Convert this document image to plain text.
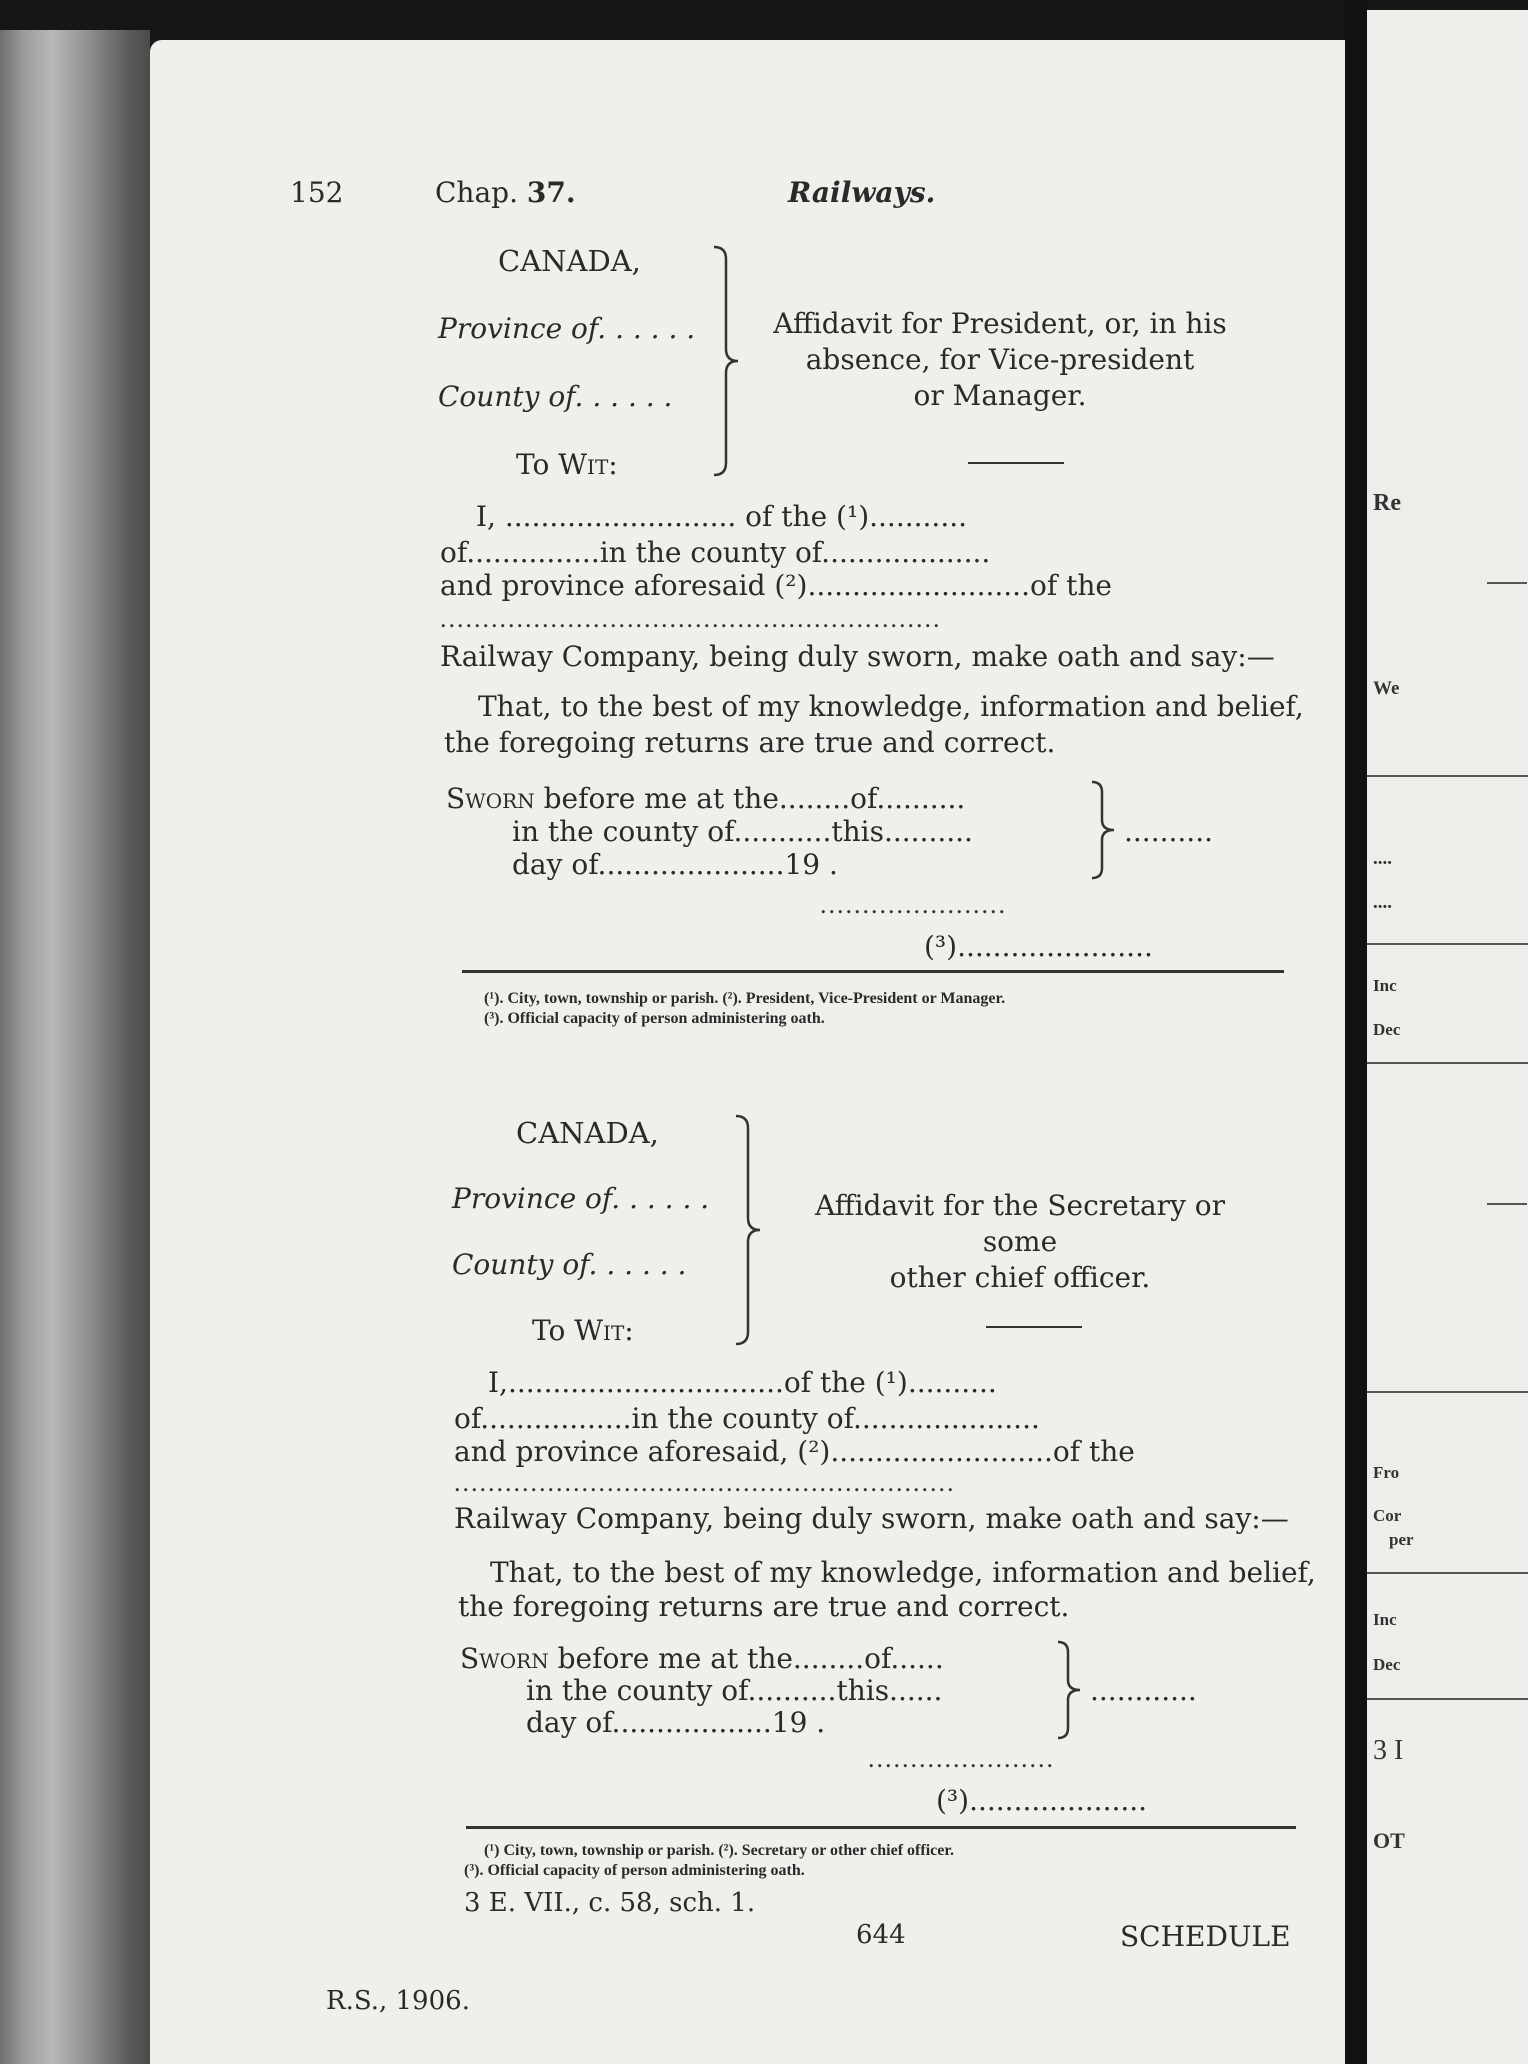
Re
We
....
....
Inc
Dec
Fro
Cor
per
Inc
Dec
3 I
OT
152	Chap. 37.	Railways.
CANADA,
Province of. . . . . .
County of. . . . . .
To Wit:
Affidavit for President, or, in his
absence, for Vice-president
or Manager.
I, .......................... of the (¹)...........
of...............in the county of...................
and province aforesaid (²).........................of the
...........................................................
Railway Company, being duly sworn, make oath and say:—
That, to the best of my knowledge, information and belief,
the foregoing returns are true and correct.
Sworn before me at the........of..........
in the county of...........this..........
day of.....................19 .
..........
......................
(³)......................
(¹). City, town, township or parish. (²). President, Vice-President or Manager.
(³). Official capacity of person administering oath.
CANADA,
Province of. . . . . .
County of. . . . . .
To Wit:
Affidavit for the Secretary or some
other chief officer.
I,...............................of the (¹)..........
of.................in the county of.....................
and province aforesaid, (²).........................of the
...........................................................
Railway Company, being duly sworn, make oath and say:—
That, to the best of my knowledge, information and belief,
the foregoing returns are true and correct.
Sworn before me at the........of......
in the county of..........this......
day of..................19 .
............
......................
(³)....................
(¹) City, town, township or parish. (²). Secretary or other chief officer.
(³). Official capacity of person administering oath.
3 E. VII., c. 58, sch. 1.
644	SCHEDULE
R.S., 1906.
